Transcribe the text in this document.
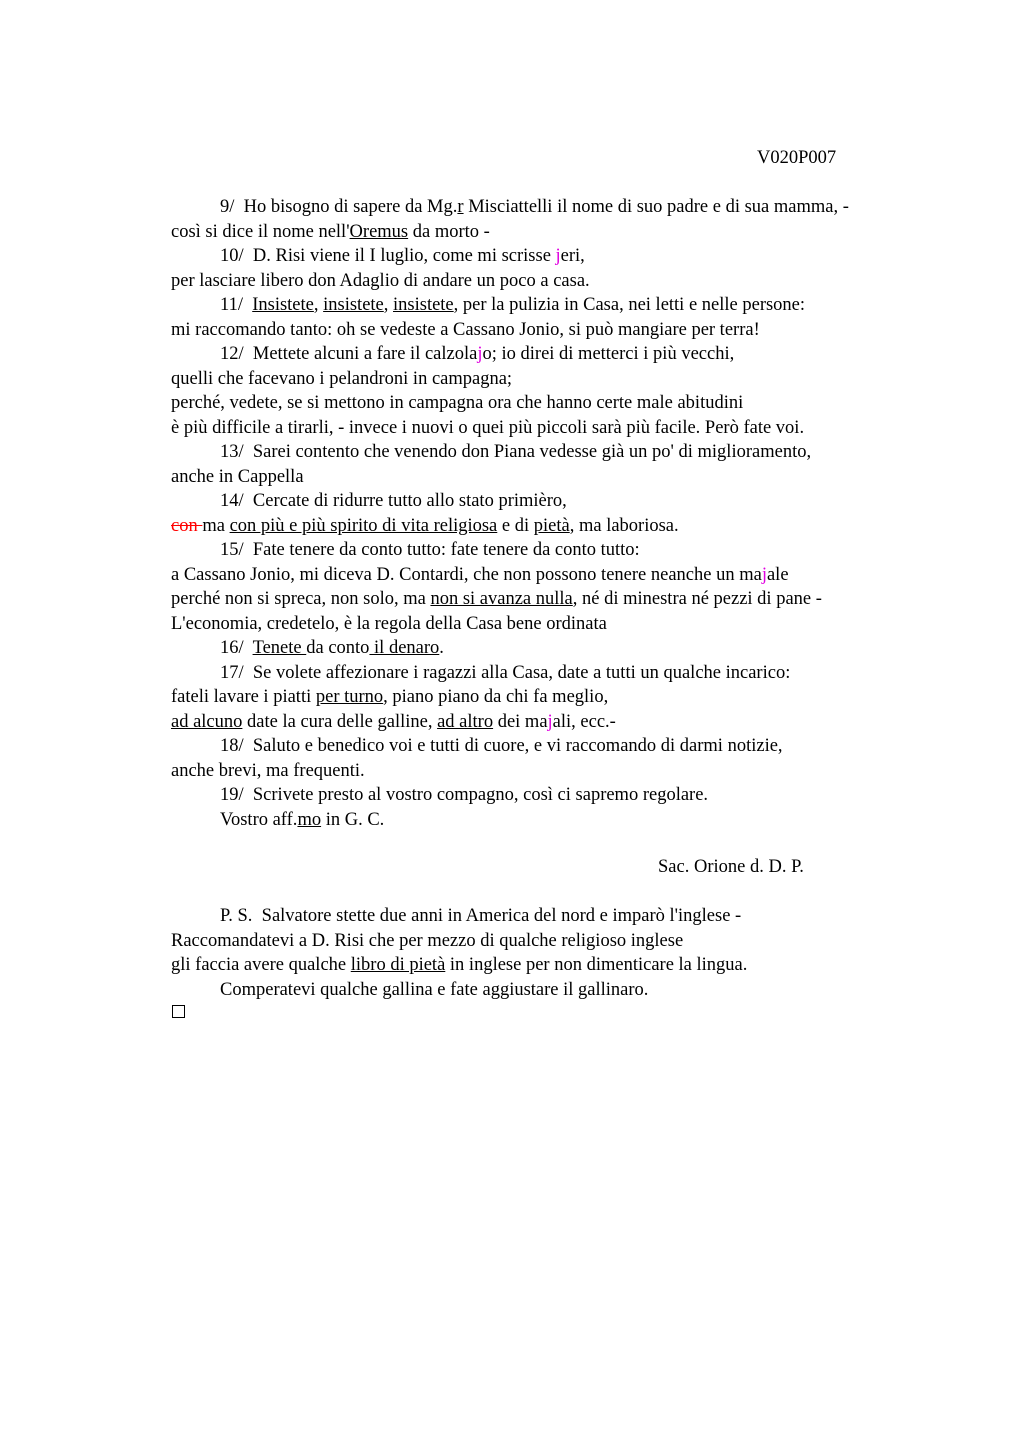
V020P007
9/ Ho bisogno di sapere da Mg.r Misciattelli il nome di suo padre e di sua mamma, -
così si dice il nome nell'Oremus da morto -
10/ D. Risi viene il I luglio, come mi scrisse jeri,
per lasciare libero don Adaglio di andare un poco a casa.
11/ Insistete, insistete, insistete, per la pulizia in Casa, nei letti e nelle persone:
mi raccomando tanto: oh se vedeste a Cassano Jonio, si può mangiare per terra!
12/ Mettete alcuni a fare il calzolajo; io direi di metterci i più vecchi,
quelli che facevano i pelandroni in campagna;
perché, vedete, se si mettono in campagna ora che hanno certe male abitudini
è più difficile a tirarli, - invece i nuovi o quei più piccoli sarà più facile. Però fate voi.
13/ Sarei contento che venendo don Piana vedesse già un po' di miglioramento,
anche in Cappella
14/ Cercate di ridurre tutto allo stato primièro,
con ma con più e più spirito di vita religiosa e di pietà, ma laboriosa.
15/ Fate tenere da conto tutto: fate tenere da conto tutto:
a Cassano Jonio, mi diceva D. Contardi, che non possono tenere neanche un majale
perché non si spreca, non solo, ma non si avanza nulla, né di minestra né pezzi di pane -
L'economia, credetelo, è la regola della Casa bene ordinata
16/ Tenete da conto il denaro.
17/ Se volete affezionare i ragazzi alla Casa, date a tutti un qualche incarico:
fateli lavare i piatti per turno, piano piano da chi fa meglio,
ad alcuno date la cura delle galline, ad altro dei majali, ecc.-
18/ Saluto e benedico voi e tutti di cuore, e vi raccomando di darmi notizie,
anche brevi, ma frequenti.
19/ Scrivete presto al vostro compagno, così ci sapremo regolare.
Vostro aff.mo in G. C.
Sac. Orione d. D. P.
P. S.  Salvatore stette due anni in America del nord e imparò l'inglese -
Raccomandatevi a D. Risi che per mezzo di qualche religioso inglese
gli faccia avere qualche libro di pietà in inglese per non dimenticare la lingua.
Comperatevi qualche gallina e fate aggiustare il gallinaro.
